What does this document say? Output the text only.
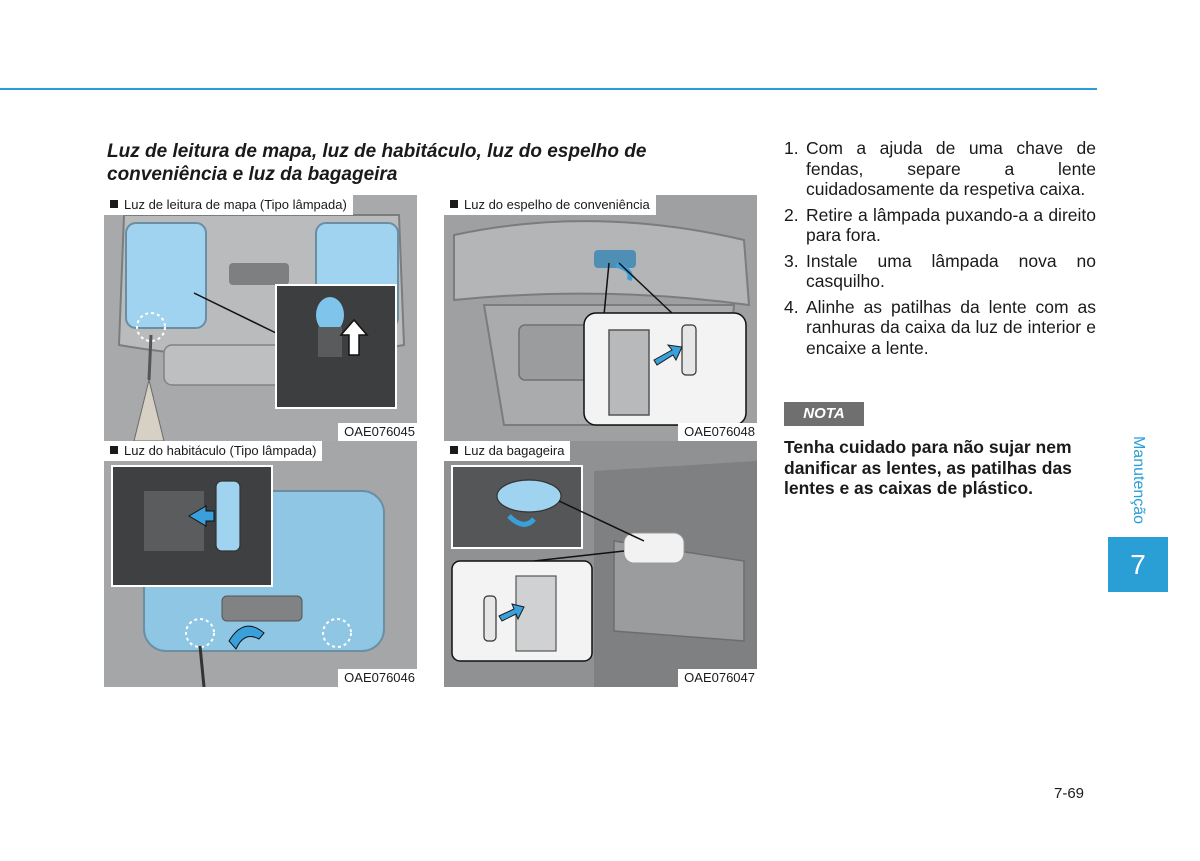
Luz de leitura de mapa, luz de habitáculo, luz do espelho de conveniência e luz da bagageira
Luz de leitura de mapa (Tipo lâmpada)
OAE076045
Luz do espelho de conveniência
OAE076048
Luz do habitáculo (Tipo lâmpada)
OAE076046
Luz da bagageira
OAE076047
1. Com a ajuda de uma chave de fendas, separe a lente cuidadosamente da respetiva caixa.
2. Retire a lâmpada puxando-a a direito para fora.
3. Instale uma lâmpada nova no casquilho.
4. Alinhe as patilhas da lente com as ranhuras da caixa da luz de interior e encaixe a lente.
NOTA

Tenha cuidado para não sujar nem danificar as lentes, as patilhas das lentes e as caixas de plástico.	Manutenção
7
7-69
